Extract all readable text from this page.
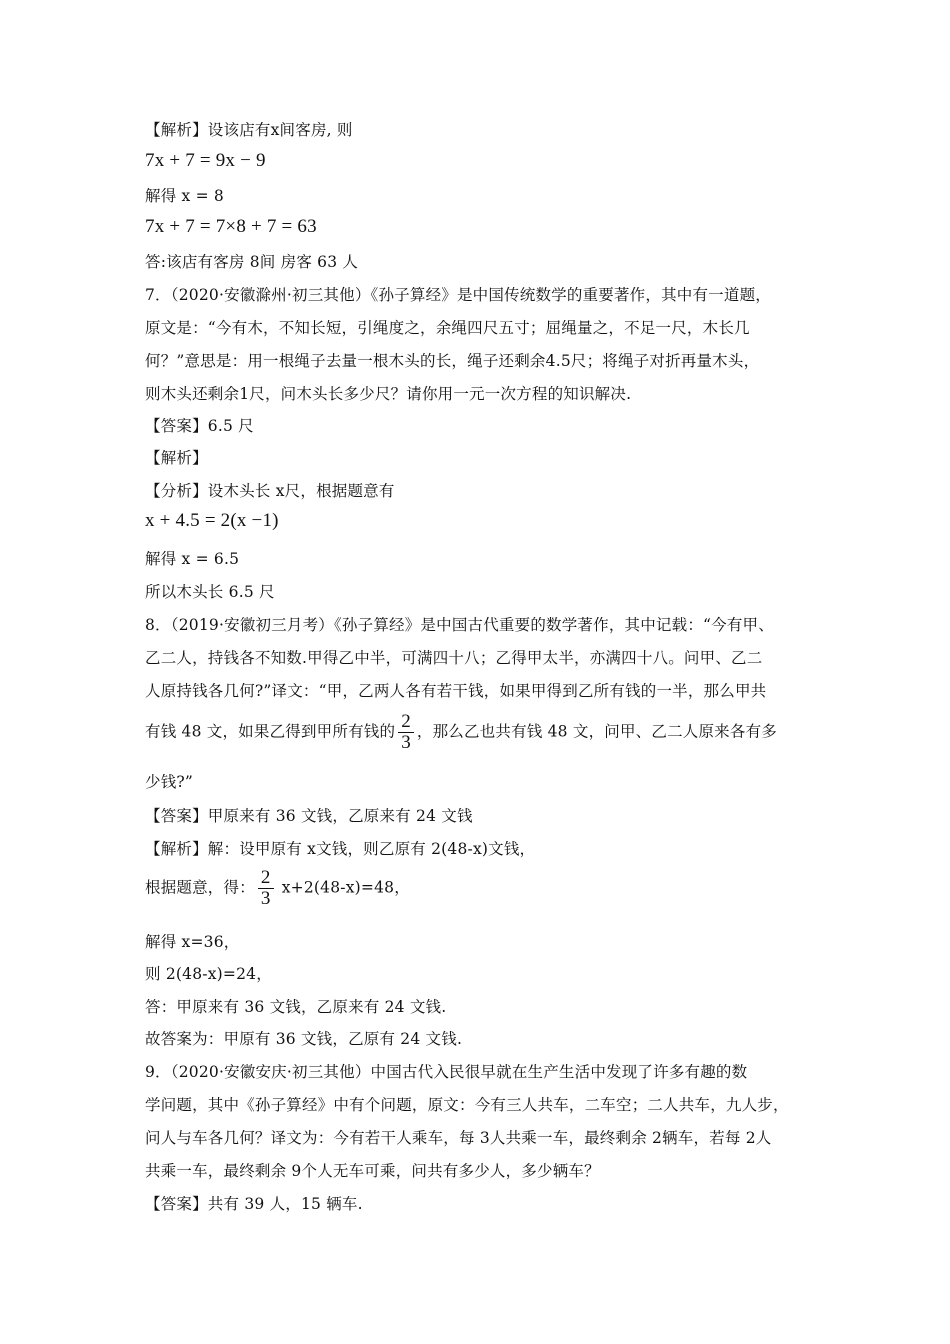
【解析】设该店有x间客房, 则
7x + 7 = 9x − 9
解得 x = 8
7x + 7 = 7×8 + 7 = 63
答:该店有客房 8间 房客 63 人
7．（2020·安徽滁州·初三其他）《孙子算经》是中国传统数学的重要著作，其中有一道题，
原文是：“今有木，不知长短，引绳度之，余绳四尺五寸；屈绳量之，不足一尺，木长几
何？”意思是：用一根绳子去量一根木头的长，绳子还剩余4.5尺；将绳子对折再量木头，
则木头还剩余1尺，问木头长多少尺？请你用一元一次方程的知识解决.
【答案】6.5 尺
【解析】
【分析】设木头长 x尺，根据题意有
x + 4.5 = 2(x −1)
解得 x = 6.5
所以木头长 6.5 尺
8．（2019·安徽初三月考）《孙子算经》是中国古代重要的数学著作，其中记载：“今有甲、
乙二人，持钱各不知数.甲得乙中半，可满四十八；乙得甲太半，亦满四十八。问甲、乙二
人原持钱各几何?”译文：“甲，乙两人各有若干钱，如果甲得到乙所有钱的一半，那么甲共
有钱 48 文，如果乙得到甲所有钱的 $\frac{2}{3}$ ，那么乙也共有钱 48 文，问甲、乙二人原来各有多
少钱?”
【答案】甲原来有 36 文钱，乙原来有 24 文钱
【解析】解：设甲原有 x文钱，则乙原有 2(48-x)文钱，
根据题意，得： $\frac{2}{3} x+2(48-x)=48$，
解得 x=36，
则 2(48-x)=24，
答：甲原来有 36 文钱，乙原来有 24 文钱.
故答案为：甲原有 36 文钱，乙原有 24 文钱.
9．（2020·安徽安庆·初三其他）中国古代入民很早就在生产生活中发现了许多有趣的数
学问题，其中《孙子算经》中有个问题，原文：今有三人共车，二车空；二人共车，九人步，
问人与车各几何？译文为：今有若干人乘车，每 3人共乘一车，最终剩余 2辆车，若每 2人
共乘一车，最终剩余 9个人无车可乘，问共有多少人，多少辆车？
【答案】共有 39 人，15 辆车.
